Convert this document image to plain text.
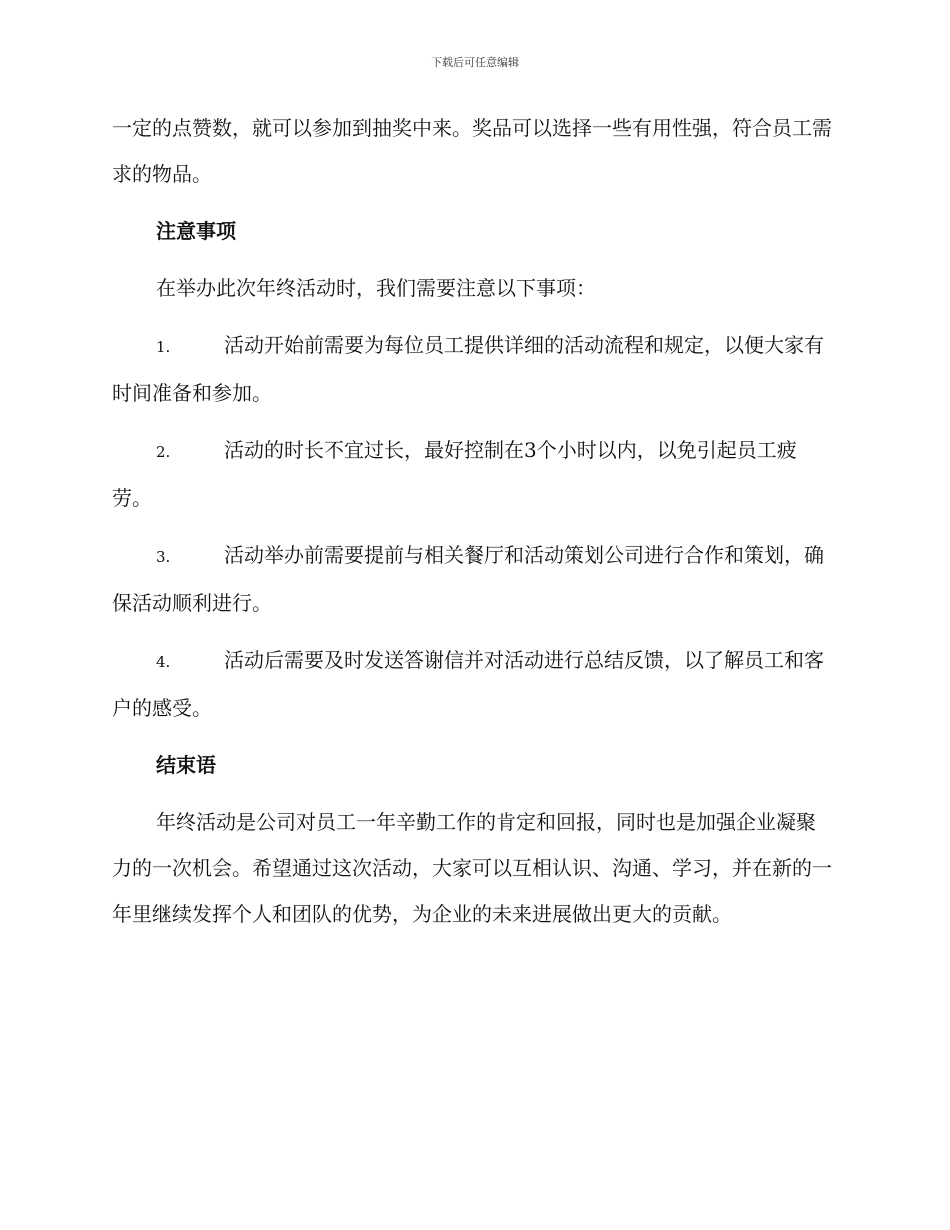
下载后可任意编辑

一定的点赞数，就可以参加到抽奖中来。奖品可以选择一些有用性强，符合员工需求的物品。

注意事项

在举办此次年终活动时，我们需要注意以下事项：

1.	活动开始前需要为每位员工提供详细的活动流程和规定，以便大家有时间准备和参加。
2.	活动的时长不宜过长，最好控制在3个小时以内，以免引起员工疲劳。
3.	活动举办前需要提前与相关餐厅和活动策划公司进行合作和策划，确保活动顺利进行。
4.	活动后需要及时发送答谢信并对活动进行总结反馈，以了解员工和客户的感受。

结束语

年终活动是公司对员工一年辛勤工作的肯定和回报，同时也是加强企业凝聚力的一次机会。希望通过这次活动，大家可以互相认识、沟通、学习，并在新的一年里继续发挥个人和团队的优势，为企业的未来进展做出更大的贡献。
